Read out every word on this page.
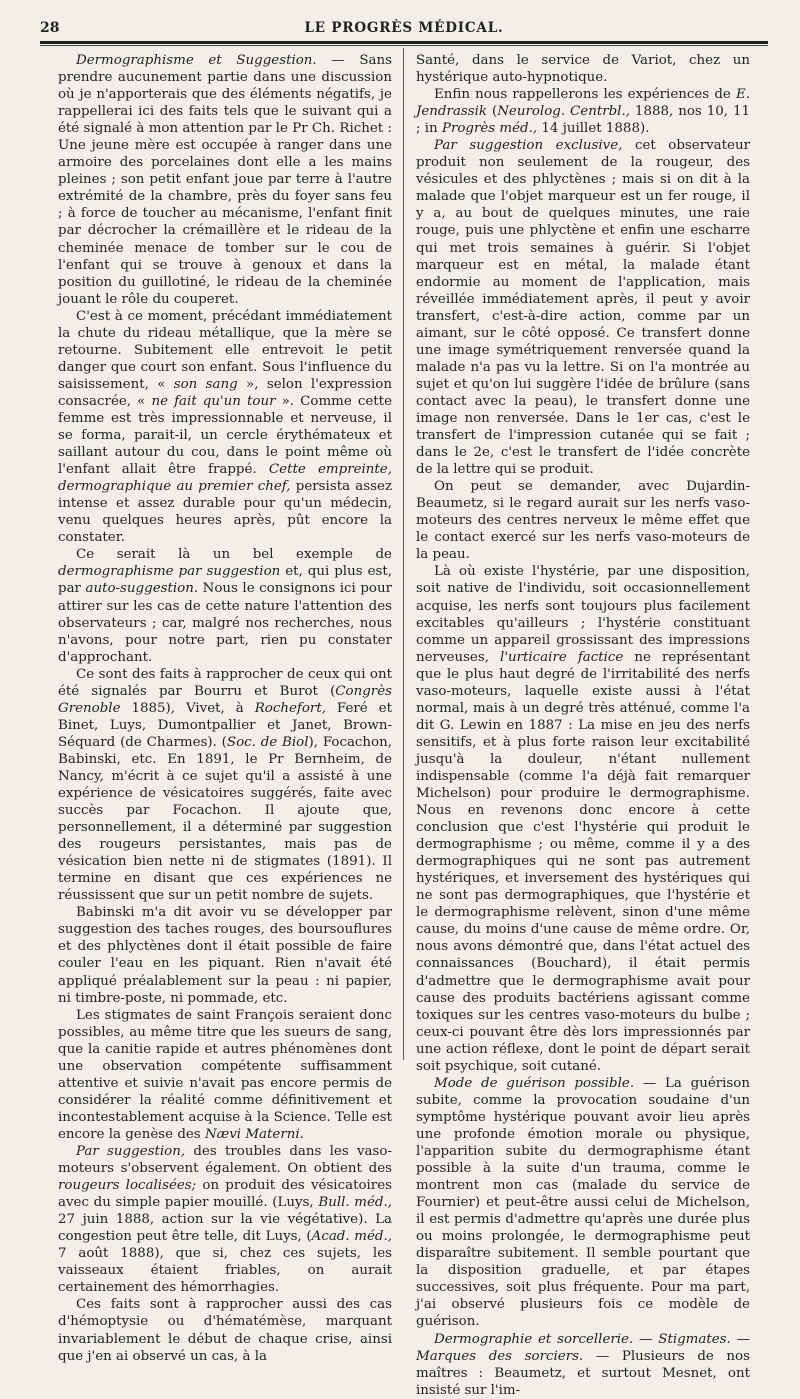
28	LE PROGRÈS MÉDICAL.

Dermographisme et Suggestion. — Sans prendre aucunement partie dans une discussion où je n'apporterais que des éléments négatifs, je rappellerai ici des faits tels que le suivant qui a été signalé à mon attention par le Pr Ch. Richet : Une jeune mère est occupée à ranger dans une armoire des porcelaines dont elle a les mains pleines ; son petit enfant joue par terre à l'autre extrémité de la chambre, près du foyer sans feu ; à force de toucher au mécanisme, l'enfant finit par décrocher la crémaillère et le rideau de la cheminée menace de tomber sur le cou de l'enfant qui se trouve à genoux et dans la position du guillotiné, le rideau de la cheminée jouant le rôle du couperet.

C'est à ce moment, précédant immédiatement la chute du rideau métallique, que la mère se retourne. Subitement elle entrevoit le petit danger que court son enfant. Sous l'influence du saisissement, « son sang », selon l'expression consacrée, « ne fait qu'un tour ». Comme cette femme est très impressionnable et nerveuse, il se forma, parait-il, un cercle érythémateux et saillant autour du cou, dans le point même où l'enfant allait être frappé. Cette empreinte, dermographique au premier chef, persista assez intense et assez durable pour qu'un médecin, venu quelques heures après, pût encore la constater.

Ce serait là un bel exemple de dermographisme par suggestion et, qui plus est, par auto-suggestion. Nous le consignons ici pour attirer sur les cas de cette nature l'attention des observateurs ; car, malgré nos recherches, nous n'avons, pour notre part, rien pu constater d'approchant.

Ce sont des faits à rapprocher de ceux qui ont été signalés par Bourru et Burot (Congrès Grenoble 1885), Vivet, à Rochefort, Feré et Binet, Luys, Dumontpallier et Janet, Brown-Séquard (de Charmes). (Soc. de Biol), Focachon, Babinski, etc. En 1891, le Pr Bernheim, de Nancy, m'écrit à ce sujet qu'il a assisté à une expérience de vésicatoires suggérés, faite avec succès par Focachon. Il ajoute que, personnellement, il a déterminé par suggestion des rougeurs persistantes, mais pas de vésication bien nette ni de stigmates (1891). Il termine en disant que ces expériences ne réussissent que sur un petit nombre de sujets.

Babinski m'a dit avoir vu se développer par suggestion des taches rouges, des boursouflures et des phlyctènes dont il était possible de faire couler l'eau en les piquant. Rien n'avait été appliqué préalablement sur la peau : ni papier, ni timbre-poste, ni pommade, etc.

Les stigmates de saint François seraient donc possibles, au même titre que les sueurs de sang, que la canitie rapide et autres phénomènes dont une observation compétente suffisamment attentive et suivie n'avait pas encore permis de considérer la réalité comme définitivement et incontestablement acquise à la Science. Telle est encore la genèse des Nævi Materni.

Par suggestion, des troubles dans les vaso-moteurs s'observent également. On obtient des rougeurs localisées; on produit des vésicatoires avec du simple papier mouillé. (Luys, Bull. méd., 27 juin 1888, action sur la vie végétative). La congestion peut être telle, dit Luys, (Acad. méd., 7 août 1888), que si, chez ces sujets, les vaisseaux étaient friables, on aurait certainement des hémorrhagies.

Ces faits sont à rapprocher aussi des cas d'hémoptysie ou d'hématémèse, marquant invariablement le début de chaque crise, ainsi que j'en ai observé un cas, à la

Santé, dans le service de Variot, chez un hystérique auto-hypnotique.

Enfin nous rappellerons les expériences de E. Jendrassik (Neurolog. Centrbl., 1888, nos 10, 11 ; in Progrès méd., 14 juillet 1888).

Par suggestion exclusive, cet observateur produit non seulement de la rougeur, des vésicules et des phlyctènes ; mais si on dit à la malade que l'objet marqueur est un fer rouge, il y a, au bout de quelques minutes, une raie rouge, puis une phlyctène et enfin une escharre qui met trois semaines à guérir. Si l'objet marqueur est en métal, la malade étant endormie au moment de l'application, mais réveillée immédiatement après, il peut y avoir transfert, c'est-à-dire action, comme par un aimant, sur le côté opposé. Ce transfert donne une image symétriquement renversée quand la malade n'a pas vu la lettre. Si on l'a montrée au sujet et qu'on lui suggère l'idée de brûlure (sans contact avec la peau), le transfert donne une image non renversée. Dans le 1er cas, c'est le transfert de l'impression cutanée qui se fait ; dans le 2e, c'est le transfert de l'idée concrète de la lettre qui se produit.

On peut se demander, avec Dujardin-Beaumetz, si le regard aurait sur les nerfs vaso-moteurs des centres nerveux le même effet que le contact exercé sur les nerfs vaso-moteurs de la peau.

Là où existe l'hystérie, par une disposition, soit native de l'individu, soit occasionnellement acquise, les nerfs sont toujours plus facilement excitables qu'ailleurs ; l'hystérie constituant comme un appareil grossissant des impressions nerveuses, l'urticaire factice ne représentant que le plus haut degré de l'irritabilité des nerfs vaso-moteurs, laquelle existe aussi à l'état normal, mais à un degré très atténué, comme l'a dit G. Lewin en 1887 : La mise en jeu des nerfs sensitifs, et à plus forte raison leur excitabilité jusqu'à la douleur, n'étant nullement indispensable (comme l'a déjà fait remarquer Michelson) pour produire le dermographisme. Nous en revenons donc encore à cette conclusion que c'est l'hystérie qui produit le dermographisme ; ou même, comme il y a des dermographiques qui ne sont pas autrement hystériques, et inversement des hystériques qui ne sont pas dermographiques, que l'hystérie et le dermographisme relèvent, sinon d'une même cause, du moins d'une cause de même ordre. Or, nous avons démontré que, dans l'état actuel des connaissances (Bouchard), il était permis d'admettre que le dermographisme avait pour cause des produits bactériens agissant comme toxiques sur les centres vaso-moteurs du bulbe ; ceux-ci pouvant être dès lors impressionnés par une action réflexe, dont le point de départ serait soit psychique, soit cutané.

Mode de guérison possible. — La guérison subite, comme la provocation soudaine d'un symptôme hystérique pouvant avoir lieu après une profonde émotion morale ou physique, l'apparition subite du dermographisme étant possible à la suite d'un trauma, comme le montrent mon cas (malade du service de Fournier) et peut-être aussi celui de Michelson, il est permis d'admettre qu'après une durée plus ou moins prolongée, le dermographisme peut disparaître subitement. Il semble pourtant que la disposition graduelle, et par étapes successives, soit plus fréquente. Pour ma part, j'ai observé plusieurs fois ce modèle de guérison.

Dermographie et sorcellerie. — Stigmates. — Marques des sorciers. — Plusieurs de nos maîtres : Beaumetz, et surtout Mesnet, ont insisté sur l'im-
